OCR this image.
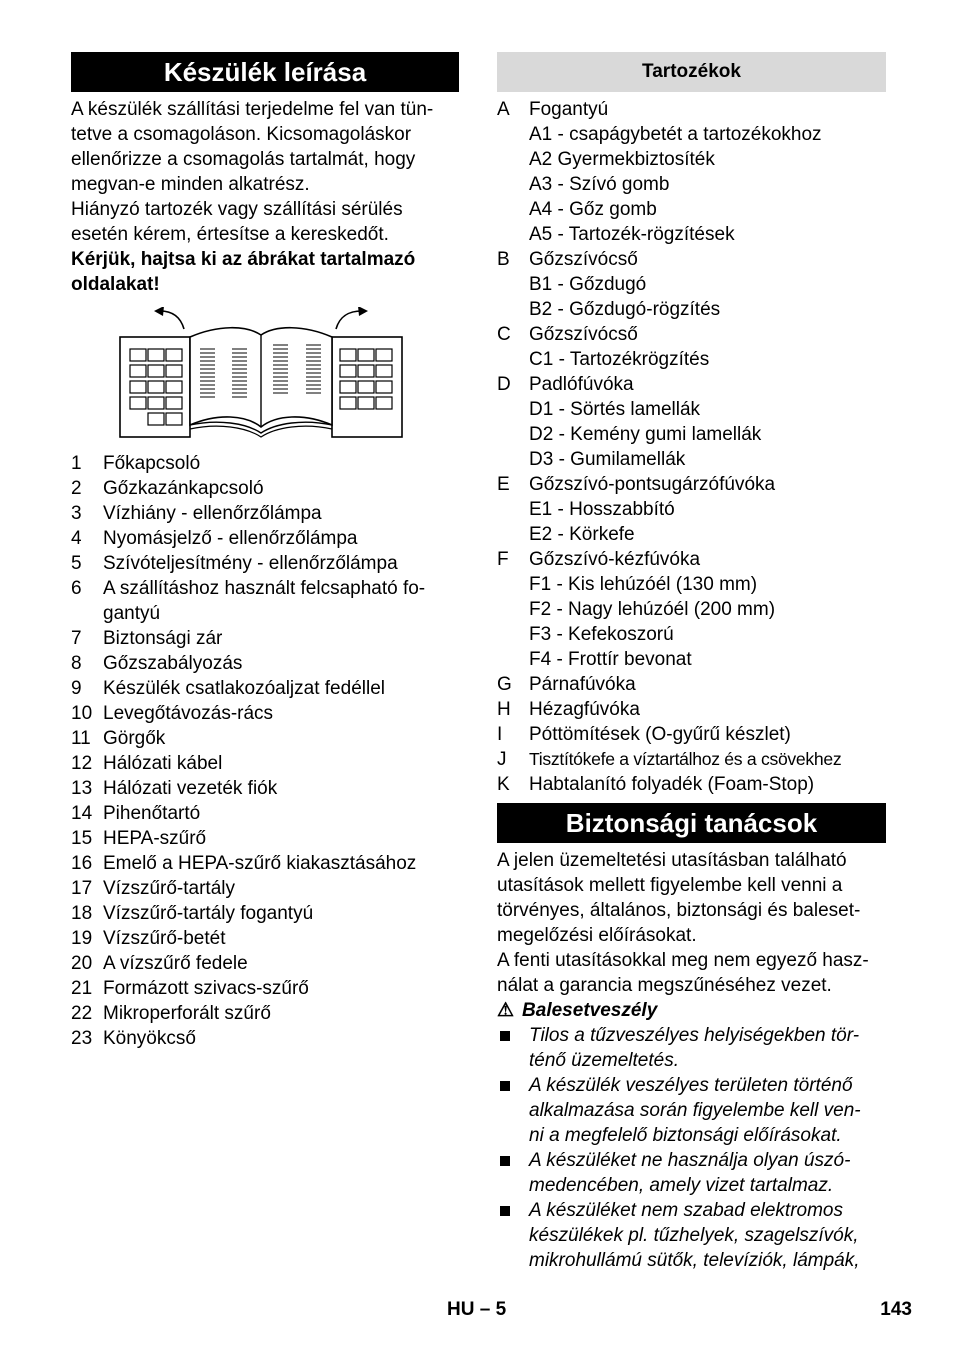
Készülék leírása

A készülék szállítási terjedelme fel van tün-

tetve a csomagoláson. Kicsomagoláskor

ellenőrizze a csomagolás tartalmát, hogy

megvan-e minden alkatrész.

Hiányzó tartozék vagy szállítási sérülés

esetén kérem, értesítse a kereskedőt.

Kérjük, hajtsa ki az ábrákat tartalmazó

oldalakat!

1 Főkapcsoló
2 Gőzkazánkapcsoló
3 Vízhiány - ellenőrzőlámpa
4 Nyomásjelző - ellenőrzőlámpa
5 Szívóteljesítmény - ellenőrzőlámpa
6 A szállításhoz használt felcsapható fo-
gantyú
7 Biztonsági zár
8 Gőzszabályozás
9 Készülék csatlakozóaljzat fedéllel
10 Levegőtávozás-rács
11 Görgők
12 Hálózati kábel
13 Hálózati vezeték fiók
14 Pihenőtartó
15 HEPA-szűrő
16 Emelő a HEPA-szűrő kiakasztásához
17 Vízszűrő-tartály
18 Vízszűrő-tartály fogantyú
19 Vízszűrő-betét
20 A vízszűrő fedele
21 Formázott szivacs-szűrő
22 Mikroperforált szűrő
23 Könyökcső
Tartozékok
A Fogantyú
A1 - csapágybetét a tartozékokhoz
A2 Gyermekbiztosíték
A3 - Szívó gomb
A4 - Gőz gomb
A5 - Tartozék-rögzítések
B Gőzszívócső
B1 - Gőzdugó
B2 - Gőzdugó-rögzítés
C Gőzszívócső
C1 - Tartozékrögzítés
D Padlófúvóka
D1 - Sörtés lamellák
D2 - Kemény gumi lamellák
D3 - Gumilamellák
E Gőzszívó-pontsugárzófúvóka
E1 - Hosszabbító
E2 - Körkefe
F Gőzszívó-kézfúvóka
F1 - Kis lehúzóél (130 mm)
F2 - Nagy lehúzóél (200 mm)
F3 - Kefekoszorú
F4 - Frottír bevonat
G Párnafúvóka
H Hézagfúvóka
I Póttömítések (O-gyűrű készlet)
J Tisztítókefe a víztartálhoz és a csövekhez
K Habtalanító folyadék (Foam-Stop)
Biztonsági tanácsok

A jelen üzemeltetési utasításban található

utasítások mellett figyelembe kell venni a

törvényes, általános, biztonsági és baleset-

megelőzési előírásokat.

A fenti utasításokkal meg nem egyező hasz-

nálat a garancia megszűnéséhez vezet.

⚠ Balesetveszély
Tilos a tűzveszélyes helyiségekben tör-
ténő üzemeltetés.
A készülék veszélyes területen történő
alkalmazása során figyelembe kell ven-
ni a megfelelő biztonsági előírásokat.
A készüléket ne használja olyan úszó-
medencében, amely vizet tartalmaz.
A készüléket nem szabad elektromos
készülékek pl. tűzhelyek, szagelszívók,
mikrohullámú sütők, televíziók, lámpák,
HU – 5	143
